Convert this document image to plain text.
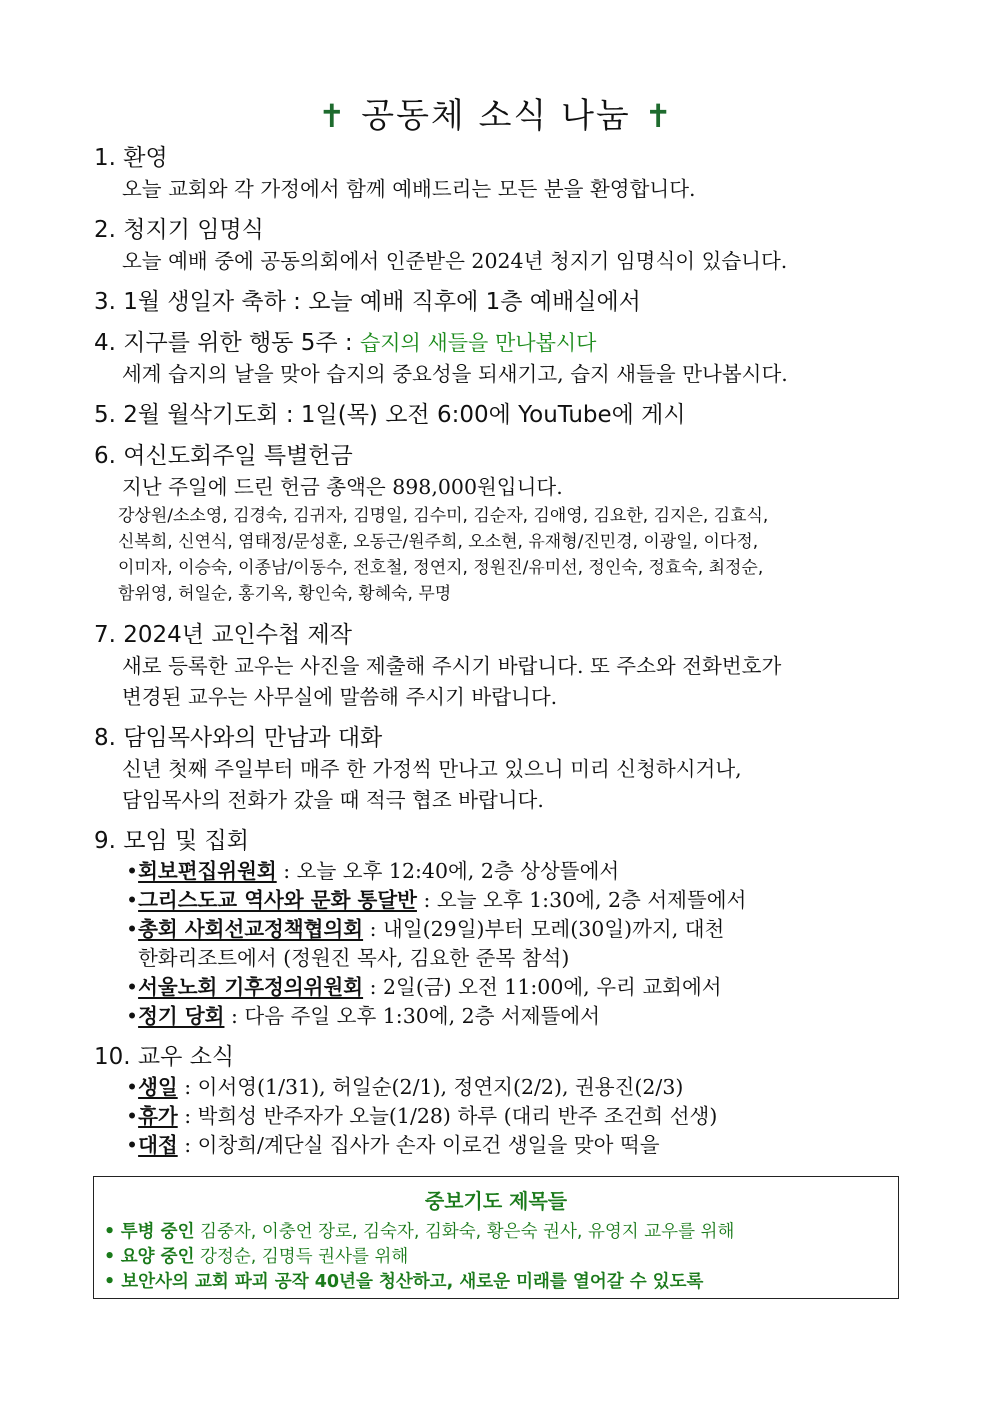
✝ 공동체 소식 나눔 ✝
1. 환영
오늘 교회와 각 가정에서 함께 예배드리는 모든 분을 환영합니다.
2. 청지기 임명식
오늘 예배 중에 공동의회에서 인준받은 2024년 청지기 임명식이 있습니다.
3. 1월 생일자 축하 : 오늘 예배 직후에 1층 예배실에서
4. 지구를 위한 행동 5주 : 습지의 새들을 만나봅시다
세계 습지의 날을 맞아 습지의 중요성을 되새기고, 습지 새들을 만나봅시다.
5. 2월 월삭기도회 : 1일(목) 오전 6:00에 YouTube에 게시
6. 여신도회주일 특별헌금
지난 주일에 드린 헌금 총액은 898,000원입니다.
강상원/소소영, 김경숙, 김귀자, 김명일, 김수미, 김순자, 김애영, 김요한, 김지은, 김효식,
신복희, 신연식, 염태정/문성훈, 오동근/원주희, 오소현, 유재형/진민경, 이광일, 이다정,
이미자, 이승숙, 이종남/이동수, 전호철, 정연지, 정원진/유미선, 정인숙, 정효숙, 최정순,
함위영, 허일순, 홍기옥, 황인숙, 황혜숙, 무명
7. 2024년 교인수첩 제작
새로 등록한 교우는 사진을 제출해 주시기 바랍니다. 또 주소와 전화번호가
변경된 교우는 사무실에 말씀해 주시기 바랍니다.
8. 담임목사와의 만남과 대화
신년 첫째 주일부터 매주 한 가정씩 만나고 있으니 미리 신청하시거나,
담임목사의 전화가 갔을 때 적극 협조 바랍니다.
9. 모임 및 집회
•회보편집위원회 : 오늘 오후 12:40에, 2층 상상뜰에서
•그리스도교 역사와 문화 통달반 : 오늘 오후 1:30에, 2층 서제뜰에서
•총회 사회선교정책협의회 : 내일(29일)부터 모레(30일)까지, 대천
한화리조트에서 (정원진 목사, 김요한 준목 참석)
•서울노회 기후정의위원회 : 2일(금) 오전 11:00에, 우리 교회에서
•정기 당회 : 다음 주일 오후 1:30에, 2층 서제뜰에서
10. 교우 소식
•생일 : 이서영(1/31), 허일순(2/1), 정연지(2/2), 권용진(2/3)
•휴가 : 박희성 반주자가 오늘(1/28) 하루 (대리 반주 조건희 선생)
•대접 : 이창희/계단실 집사가 손자 이로건 생일을 맞아 떡을
중보기도 제목들
• 투병 중인 김중자, 이충언 장로, 김숙자, 김화숙, 황은숙 권사, 유영지 교우를 위해
• 요양 중인 강정순, 김명득 권사를 위해
• 보안사의 교회 파괴 공작 40년을 청산하고, 새로운 미래를 열어갈 수 있도록
